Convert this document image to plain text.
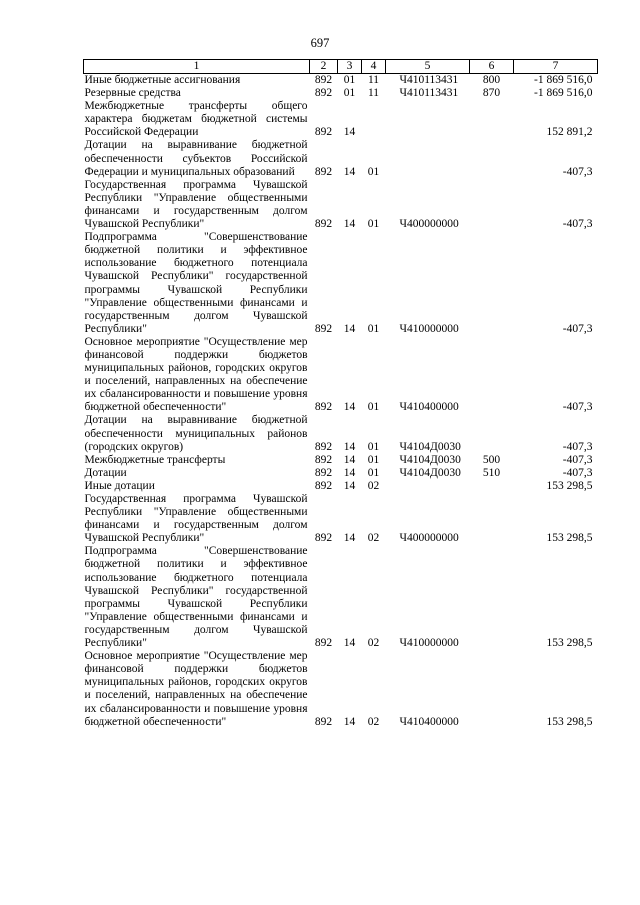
697
1	2	3	4	5	6	7
Иные бюджетные ассигнования	892	01	11	Ч410113431	800	-1 869 516,0
Резервные средства	892	01	11	Ч410113431	870	-1 869 516,0
Межбюджетные трансферты общего характера бюджетам бюджетной системы Российской Федерации	892	14				152 891,2
Дотации на выравнивание бюджетной обеспеченности субъектов Российской Федерации и муниципальных образований	892	14	01			-407,3
Государственная программа Чувашской Республики "Управление общественными финансами и государственным долгом Чувашской Республики"	892	14	01	Ч400000000		-407,3
Подпрограмма "Совершенствование бюджетной политики и эффективное использование бюджетного потенциала Чувашской Республики" государственной программы Чувашской Республики "Управление общественными финансами и государственным долгом Чувашской Республики"	892	14	01	Ч410000000		-407,3
Основное мероприятие "Осуществление мер финансовой поддержки бюджетов муниципальных районов, городских округов и поселений, направленных на обеспечение их сбалансированности и повышение уровня бюджетной обеспеченности"	892	14	01	Ч410400000		-407,3
Дотации на выравнивание бюджетной обеспеченности муниципальных районов (городских округов)	892	14	01	Ч4104Д0030		-407,3
Межбюджетные трансферты	892	14	01	Ч4104Д0030	500	-407,3
Дотации	892	14	01	Ч4104Д0030	510	-407,3
Иные дотации	892	14	02			153 298,5
Государственная программа Чувашской Республики "Управление общественными финансами и государственным долгом Чувашской Республики"	892	14	02	Ч400000000		153 298,5
Подпрограмма "Совершенствование бюджетной политики и эффективное использование бюджетного потенциала Чувашской Республики" государственной программы Чувашской Республики "Управление общественными финансами и государственным долгом Чувашской Республики"	892	14	02	Ч410000000		153 298,5
Основное мероприятие "Осуществление мер финансовой поддержки бюджетов муниципальных районов, городских округов и поселений, направленных на обеспечение их сбалансированности и повышение уровня бюджетной обеспеченности"	892	14	02	Ч410400000		153 298,5
